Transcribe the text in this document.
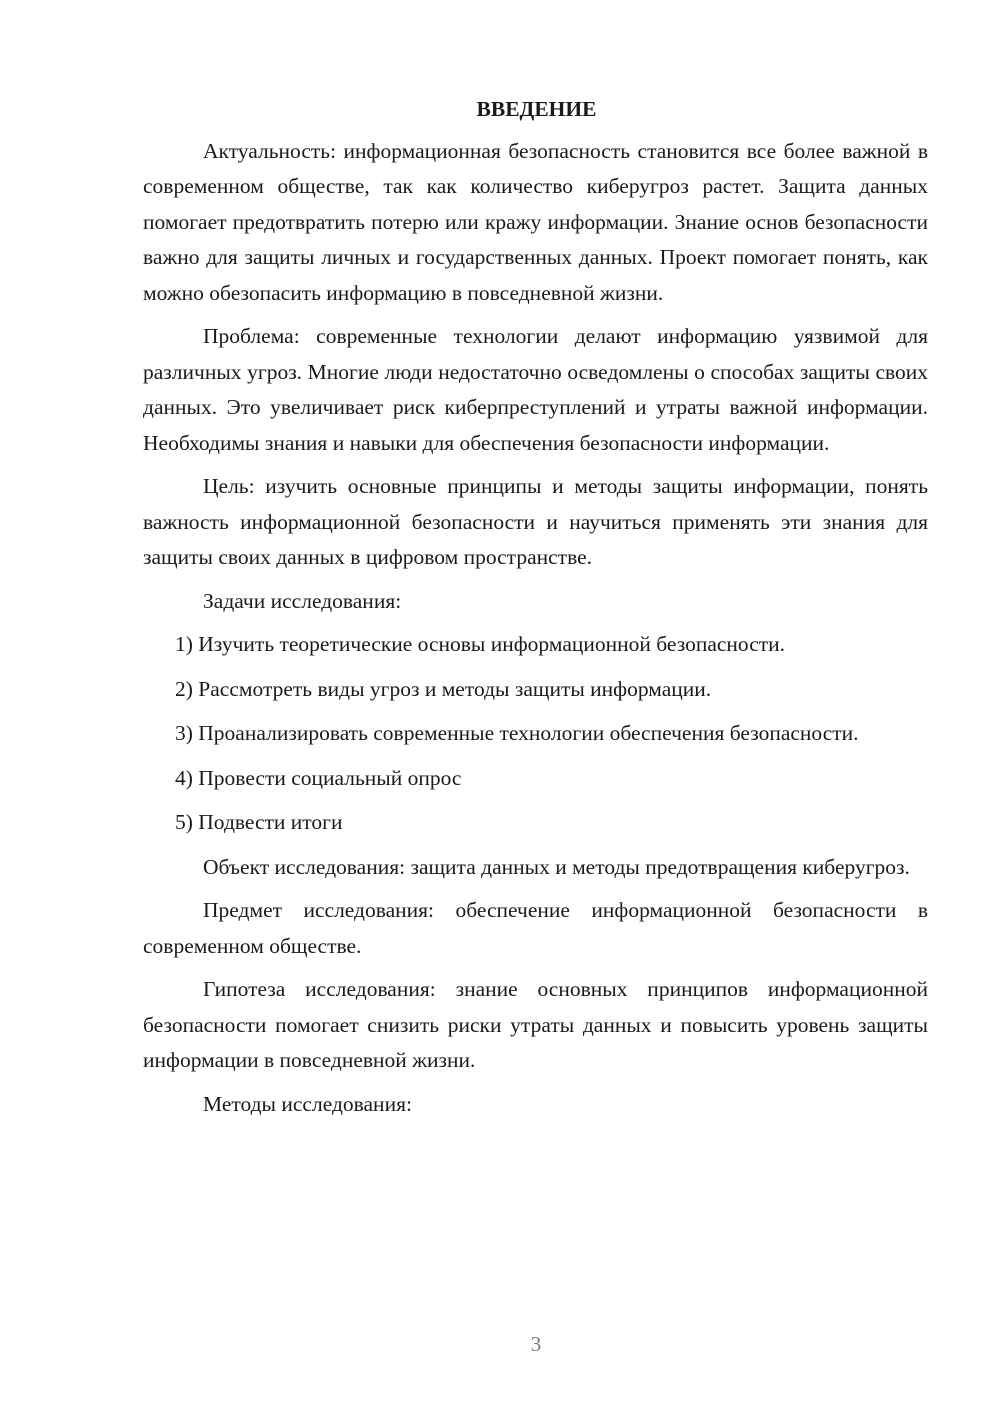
ВВЕДЕНИЕ

Актуальность: информационная безопасность становится все более важной в современном обществе, так как количество киберугроз растет. Защита данных помогает предотвратить потерю или кражу информации. Знание основ безопасности важно для защиты личных и государственных данных. Проект помогает понять, как можно обезопасить информацию в повседневной жизни.

Проблема: современные технологии делают информацию уязвимой для различных угроз. Многие люди недостаточно осведомлены о способах защиты своих данных. Это увеличивает риск киберпреступлений и утраты важной информации. Необходимы знания и навыки для обеспечения безопасности информации.

Цель: изучить основные принципы и методы защиты информации, понять важность информационной безопасности и научиться применять эти знания для защиты своих данных в цифровом пространстве.

Задачи исследования:

1) Изучить теоретические основы информационной безопасности.

2) Рассмотреть виды угроз и методы защиты информации.

3) Проанализировать современные технологии обеспечения безопасности.

4) Провести социальный опрос

5) Подвести итоги

Объект исследования: защита данных и методы предотвращения киберугроз.

Предмет исследования: обеспечение информационной безопасности в современном обществе.

Гипотеза исследования: знание основных принципов информационной безопасности помогает снизить риски утраты данных и повысить уровень защиты информации в повседневной жизни.

Методы исследования:

3
